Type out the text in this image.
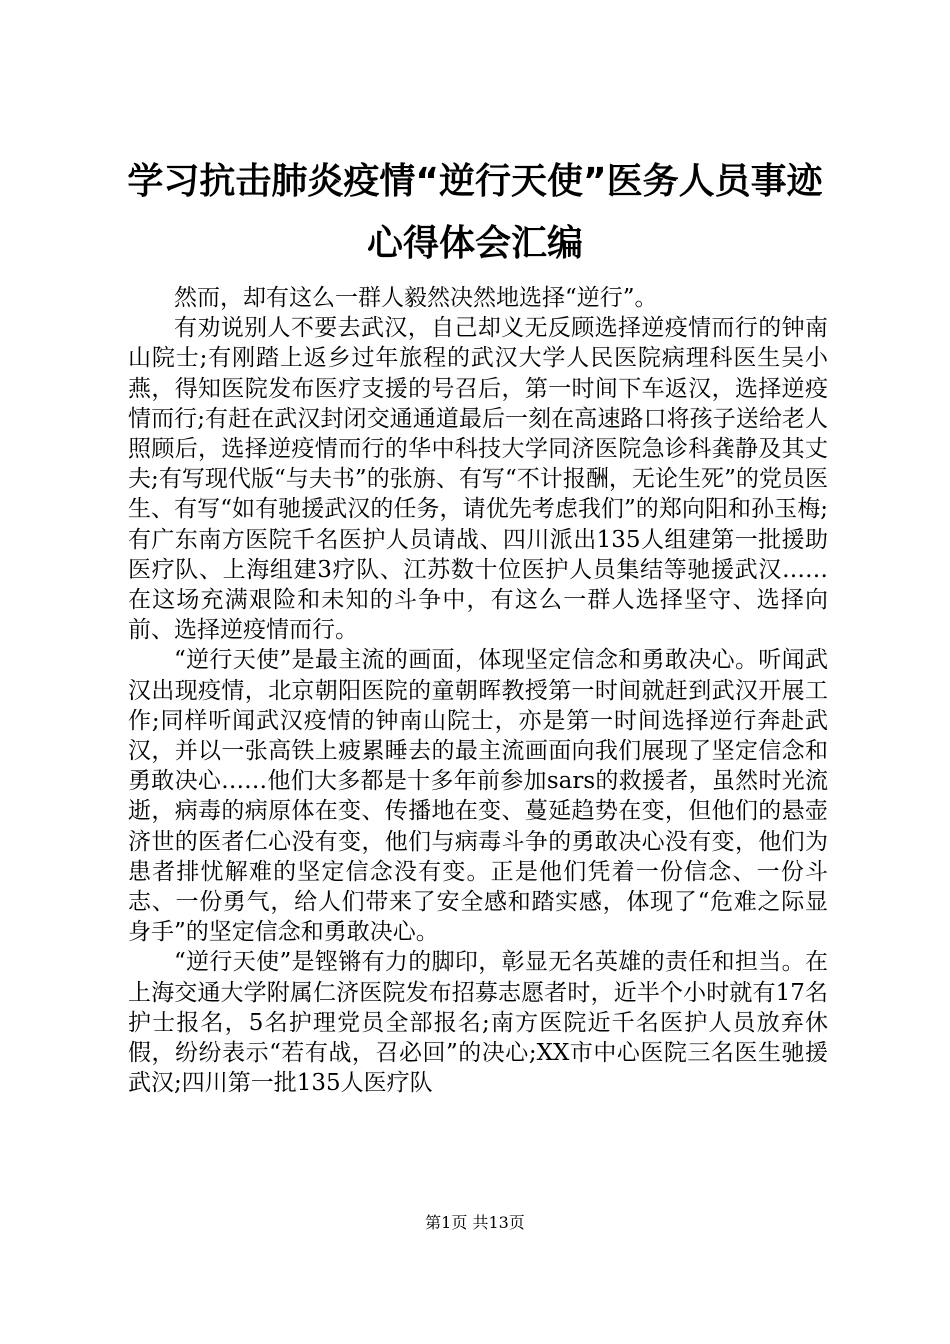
学习抗击肺炎疫情“逆行天使”医务人员事迹
心得体会汇编

然而，却有这么一群人毅然决然地选择“逆行”。

有劝说别人不要去武汉，自己却义无反顾选择逆疫情而行的钟南山院士;有刚踏上返乡过年旅程的武汉大学人民医院病理科医生吴小燕，得知医院发布医疗支援的号召后，第一时间下车返汉，选择逆疫情而行;有赶在武汉封闭交通通道最后一刻在高速路口将孩子送给老人照顾后，选择逆疫情而行的华中科技大学同济医院急诊科龚静及其丈夫;有写现代版“与夫书”的张旃、有写“不计报酬，无论生死”的党员医生、有写“如有驰援武汉的任务，请优先考虑我们”的郑向阳和孙玉梅;有广东南方医院千名医护人员请战、四川派出135人组建第一批援助医疗队、上海组建3疗队、江苏数十位医护人员集结等驰援武汉……在这场充满艰险和未知的斗争中，有这么一群人选择坚守、选择向前、选择逆疫情而行。

“逆行天使”是最主流的画面，体现坚定信念和勇敢决心。听闻武汉出现疫情，北京朝阳医院的童朝晖教授第一时间就赶到武汉开展工作;同样听闻武汉疫情的钟南山院士，亦是第一时间选择逆行奔赴武汉，并以一张高铁上疲累睡去的最主流画面向我们展现了坚定信念和勇敢决心……他们大多都是十多年前参加sars的救援者，虽然时光流逝，病毒的病原体在变、传播地在变、蔓延趋势在变，但他们的悬壶济世的医者仁心没有变，他们与病毒斗争的勇敢决心没有变，他们为患者排忧解难的坚定信念没有变。正是他们凭着一份信念、一份斗志、一份勇气，给人们带来了安全感和踏实感，体现了“危难之际显身手”的坚定信念和勇敢决心。

“逆行天使”是铿锵有力的脚印，彰显无名英雄的责任和担当。在上海交通大学附属仁济医院发布招募志愿者时，近半个小时就有17名护士报名，5名护理党员全部报名;南方医院近千名医护人员放弃休假，纷纷表示“若有战，召必回”的决心;XX市中心医院三名医生驰援武汉;四川第一批135人医疗队

第1页 共13页
